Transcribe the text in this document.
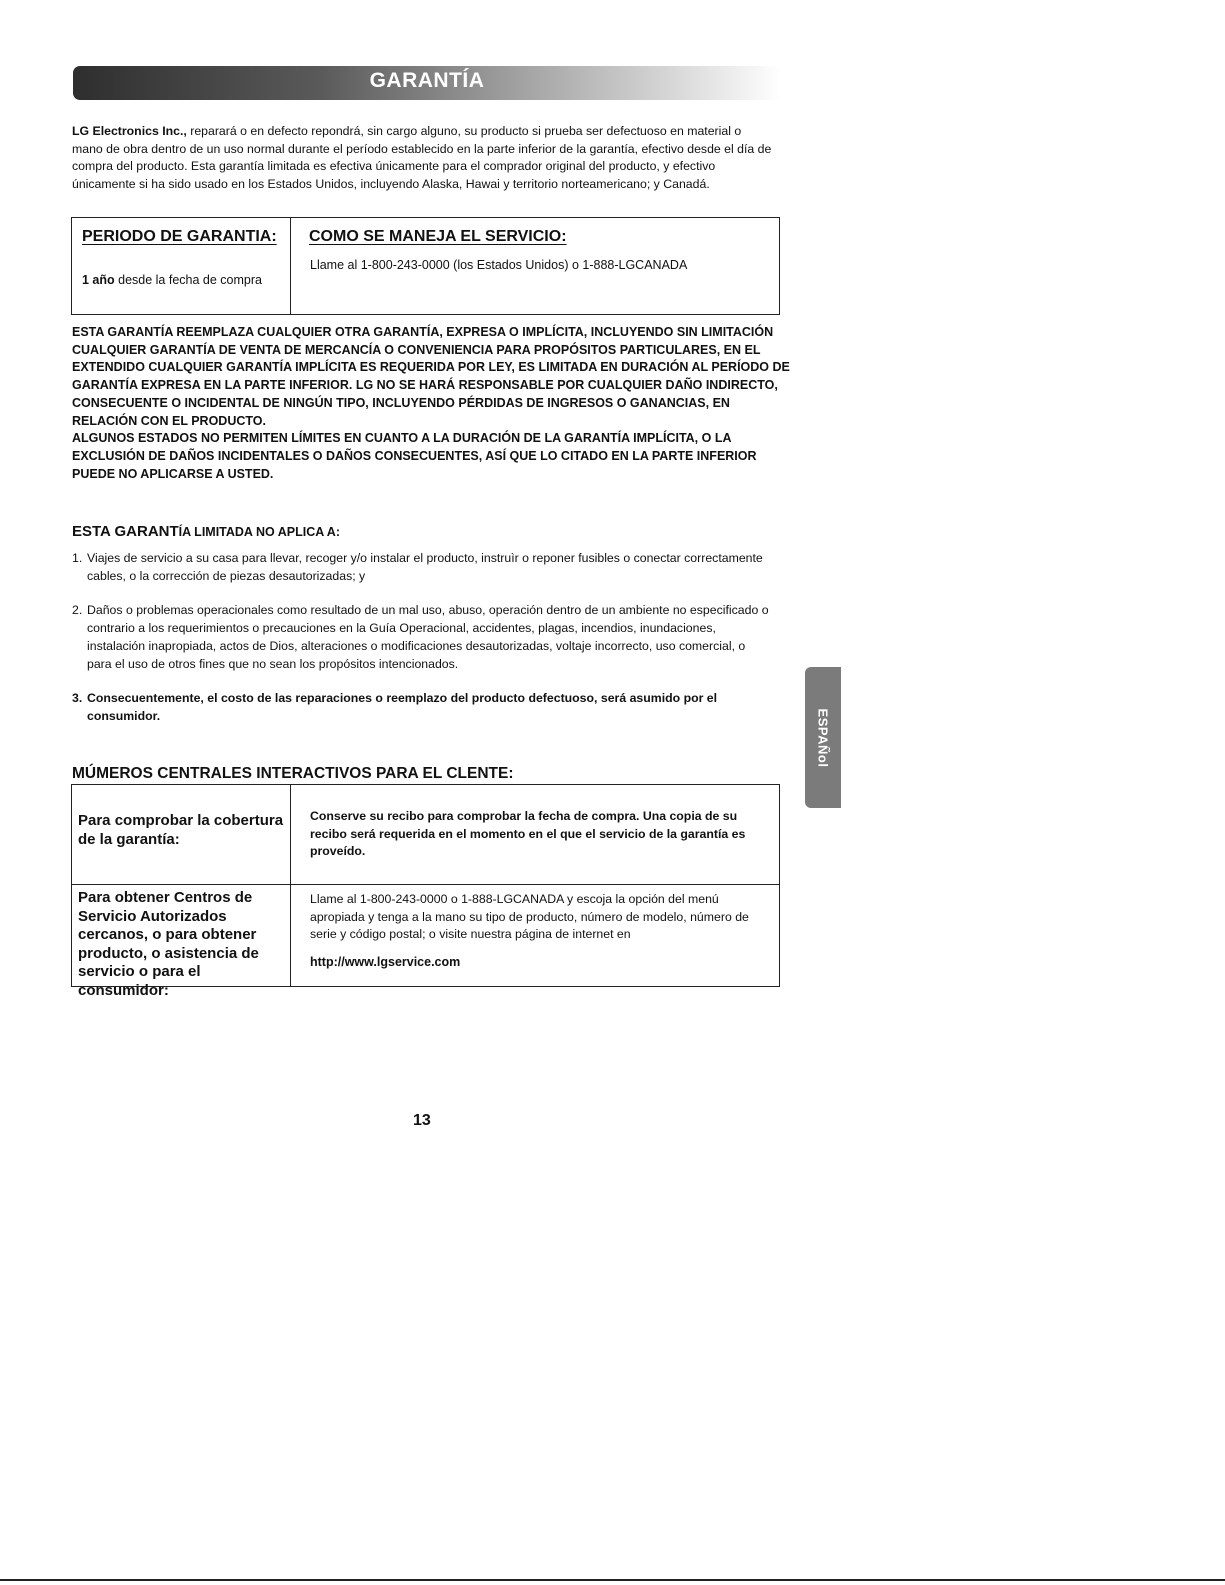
GARANTÍA
LG Electronics Inc., reparará o en defecto repondrá, sin cargo alguno, su producto si prueba ser defectuoso en material o mano de obra dentro de un uso normal durante el período establecido en la parte inferior de la garantía, efectivo desde el día de compra del producto. Esta garantía limitada es efectiva únicamente para el comprador original del producto, y efectivo únicamente si ha sido usado en los Estados Unidos, incluyendo Alaska, Hawai y territorio norteamericano; y Canadá.
PERIODO DE GARANTIA:
1 año desde la fecha de compra
COMO SE MANEJA EL SERVICIO:
Llame al 1-800-243-0000 (los Estados Unidos) o 1-888-LGCANADA
ESTA GARANTÍA REEMPLAZA CUALQUIER OTRA GARANTÍA, EXPRESA O IMPLÍCITA, INCLUYENDO SIN LIMITACIÓN CUALQUIER GARANTÍA DE VENTA DE MERCANCÍA O CONVENIENCIA PARA PROPÓSITOS PARTICULARES, EN EL EXTENDIDO CUALQUIER GARANTÍA IMPLÍCITA ES REQUERIDA POR LEY, ES LIMITADA EN DURACIÓN AL PERÍODO DE GARANTÍA EXPRESA EN LA PARTE INFERIOR. LG NO SE HARÁ RESPONSABLE POR CUALQUIER DAÑO INDIRECTO, CONSECUENTE O INCIDENTAL DE NINGÚN TIPO, INCLUYENDO PÉRDIDAS DE INGRESOS O GANANCIAS, EN RELACIÓN CON EL PRODUCTO.
ALGUNOS ESTADOS NO PERMITEN LÍMITES EN CUANTO A LA DURACIÓN DE LA GARANTÍA IMPLÍCITA, O LA EXCLUSIÓN DE DAÑOS INCIDENTALES O DAÑOS CONSECUENTES, ASÍ QUE LO CITADO EN LA PARTE INFERIOR PUEDE NO APLICARSE A USTED.
ESTA GARANTÍA LIMITADA NO APLICA A:
1. Viajes de servicio a su casa para llevar, recoger y/o instalar el producto, instruìr o reponer fusibles o conectar correctamente cables, o la corrección de piezas desautorizadas; y
2. Daños o problemas operacionales como resultado de un mal uso, abuso, operación dentro de un ambiente no especificado o contrario a los requerimientos o precauciones en la Guía Operacional, accidentes, plagas, incendios, inundaciones, instalación inapropiada, actos de Dios, alteraciones o modificaciones desautorizadas, voltaje incorrecto, uso comercial, o para el uso de otros fines que no sean los propósitos intencionados.
3. Consecuentemente, el costo de las reparaciones o reemplazo del producto defectuoso, será asumido por el consumidor.
MÚMEROS CENTRALES INTERACTIVOS PARA EL CLENTE:
Para comprobar la cobertura de la garantía:
Conserve su recibo para comprobar la fecha de compra. Una copia de su recibo será requerida en el momento en el que el servicio de la garantía es proveído.
Para obtener Centros de Servicio Autorizados cercanos, o para obtener producto, o asistencia de servicio o para el consumidor:
Llame al 1-800-243-0000 o 1-888-LGCANADA y escoja la opción del menú apropiada y tenga a la mano su tipo de producto, número de modelo, número de serie y código postal; o visite nuestra página de internet en
http://www.lgservice.com
ESPAÑol
13
